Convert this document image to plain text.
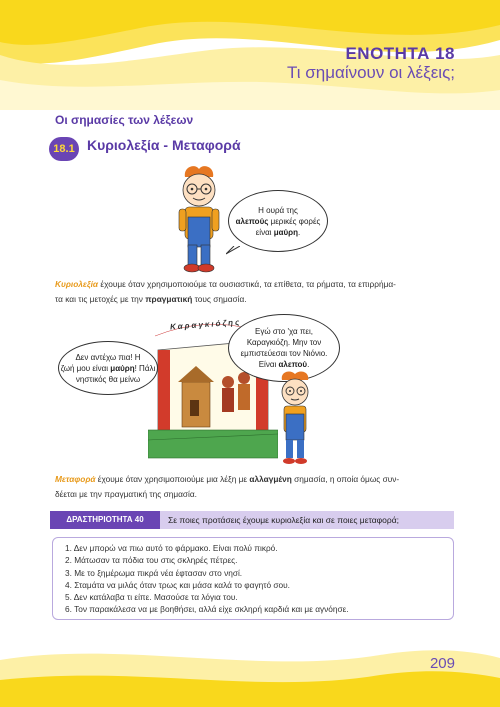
ΕΝΟΤΗΤΑ 18
Τι σημαίνουν οι λέξεις;
Οι σημασίες των λέξεων
18.1 Κυριολεξία - Μεταφορά
Η ουρά της
αλεπούς μερικές φορές
είναι μαύρη.
Κυριολεξία έχουμε όταν χρησιμοποιούμε τα ουσιαστικά, τα επίθετα, τα ρήματα, τα επιρρήμα-
τα και τις μετοχές με την πραγματική τους σημασία.
Καραγκιόζης
Δεν αντέχω πια! Η
ζωή μου είναι μαύρη! Πάλι
νηστικός θα μείνω
Εγώ στο 'χα πει,
Καραγκιόζη. Μην τον
εμπιστεύεσαι τον Νιόνιο.
Είναι αλεπού.
Μεταφορά έχουμε όταν χρησιμοποιούμε μια λέξη με αλλαγμένη σημασία, η οποία όμως συν-
δέεται με την πραγματική της σημασία.
ΔΡΑΣΤΗΡΙΟΤΗΤΑ 40	Σε ποιες προτάσεις έχουμε κυριολεξία και σε ποιες μεταφορά;
1. Δεν μπορώ να πιω αυτό το φάρμακο. Είναι πολύ πικρό.
2. Μάτωσαν τα πόδια του στις σκληρές πέτρες.
3. Με το ξημέρωμα πικρά νέα έφτασαν στο νησί.
4. Σταμάτα να μιλάς όταν τρως και μάσα καλά το φαγητό σου.
5. Δεν κατάλαβα τι είπε. Μασούσε τα λόγια του.
6. Τον παρακάλεσα να με βοηθήσει, αλλά είχε σκληρή καρδιά και με αγνόησε.
209
